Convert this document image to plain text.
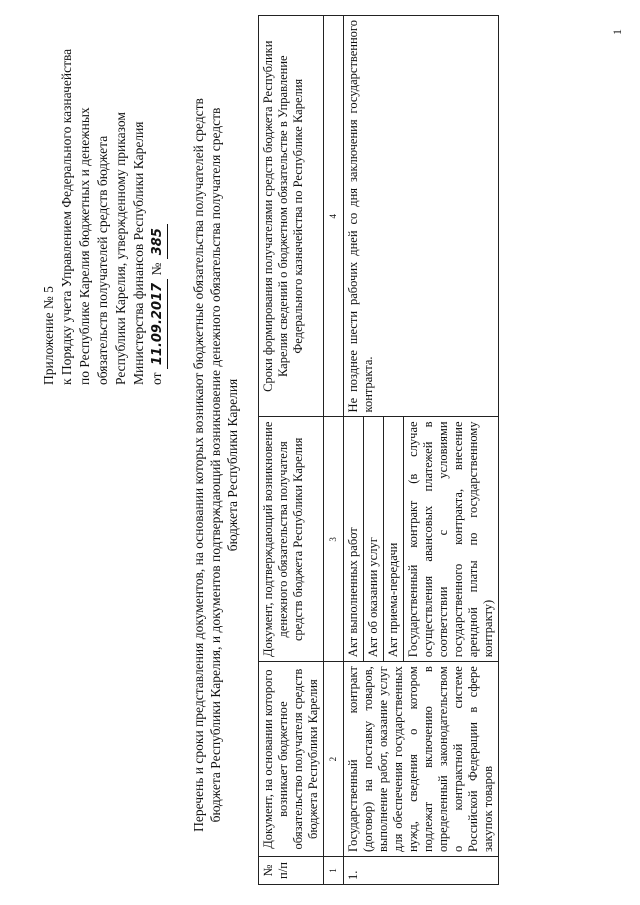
Приложение № 5 к Порядку учета Управлением Федерального казначейства по Республике Карелия бюджетных и денежных обязательств получателей средств бюджета Республики Карелия, утвержденному приказом Министерства финансов Республики Карелия от 11.09.2017 № 385 Перечень и сроки представления документов, на основании которых возникают бюджетные обязательства получателей средств бюджета Республики Карелия, и документов подтверждающий возникновение денежного обязательства получателя средств бюджета Республики Карелия
№ п/п	Документ, на основании которого возникает бюджетное обязательство получателя средств бюджета Республики Карелия	Документ, подтверждающий возникновение денежного обязательства получателя средств бюджета Республики Карелия	Сроки формирования получателями средств бюджета Республики Карелия сведений о бюджетном обязательстве в Управление Федерального казначейства по Республике Карелия
1	2	3	4
1.	Государственный контракт (договор) на поставку товаров, выполнение работ, оказание услуг для обеспечения государственных нужд, сведения о котором подлежат включению в определенный законодательством о контрактной системе Российской Федерации в сфере закупок товаров	Акт выполненных работ	Не позднее шести рабочих дней со дня заключения государственного контракта.
		Акт об оказании услуг	
		Акт приема-передачи	
		Государственный контракт (в случае осуществления авансовых платежей в соответствии с условиями государственного контракта, внесение арендной платы по государственному контракту)	
1
